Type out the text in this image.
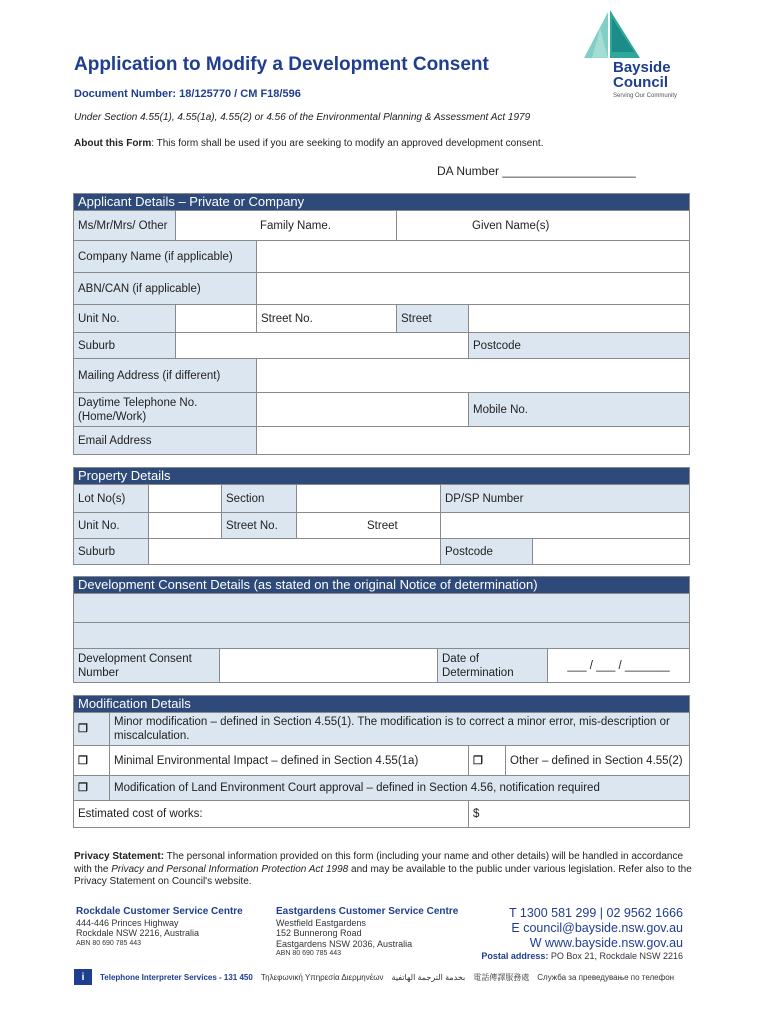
Application to Modify a Development Consent
Document Number: 18/125770 / CM F18/596
Under Section 4.55(1), 4.55(1a), 4.55(2) or 4.56 of the Environmental Planning & Assessment Act 1979
About this Form: This form shall be used if you are seeking to modify an approved development consent.
DA Number ____________________
Bayside
Council
Serving Our Community
Applicant Details – Private or Company				
Ms/Mr/Mrs/ Other	Family Name.		Given Name(s)	
Company Name (if applicable)				
ABN/CAN (if applicable)				
Unit No.		Street No.	Street	
Suburb				Postcode
Mailing Address (if different)				
Daytime Telephone No. (Home/Work)				Mobile No.
Email Address				
Property Details					
Lot No(s)		Section		DP/SP Number	
Unit No.		Street No.	Street		
Suburb				Postcode	
Development Consent Details (as stated on the original Notice of determination)

Development Consent Number		Date of Determination	___ / ___ / _______
Modification Details			
❒	Minor modification – defined in Section 4.55(1). The modification is to correct a minor error, mis-description or miscalculation.		
❒	Minimal Environmental Impact – defined in Section 4.55(1a)	❒	Other – defined in Section 4.55(2)
❒	Modification of Land Environment Court approval – defined in Section 4.56, notification required		
Estimated cost of works:		$	
Privacy Statement: The personal information provided on this form (including your name and other details) will be handled in accordance with the Privacy and Personal Information Protection Act 1998 and may be available to the public under various legislation. Refer also to the Privacy Statement on Council's website.
Rockdale Customer Service Centre
444-446 Princes Highway
Rockdale NSW 2216, Australia
ABN 80 690 785 443
Eastgardens Customer Service Centre
Westfield Eastgardens
152 Bunnerong Road
Eastgardens NSW 2036, Australia
ABN 80 690 785 443
T 1300 581 299 | 02 9562 1666
E council@bayside.nsw.gov.au
W www.bayside.nsw.gov.au
Postal address: PO Box 21, Rockdale NSW 2216
i	Telephone Interpreter Services - 131 450 Τηλεφωνική Υπηρεσία Διερμηνέων بخدمة الترجمة الهاتفية 電話傳譯服務處 Служба за преведување по телефон
